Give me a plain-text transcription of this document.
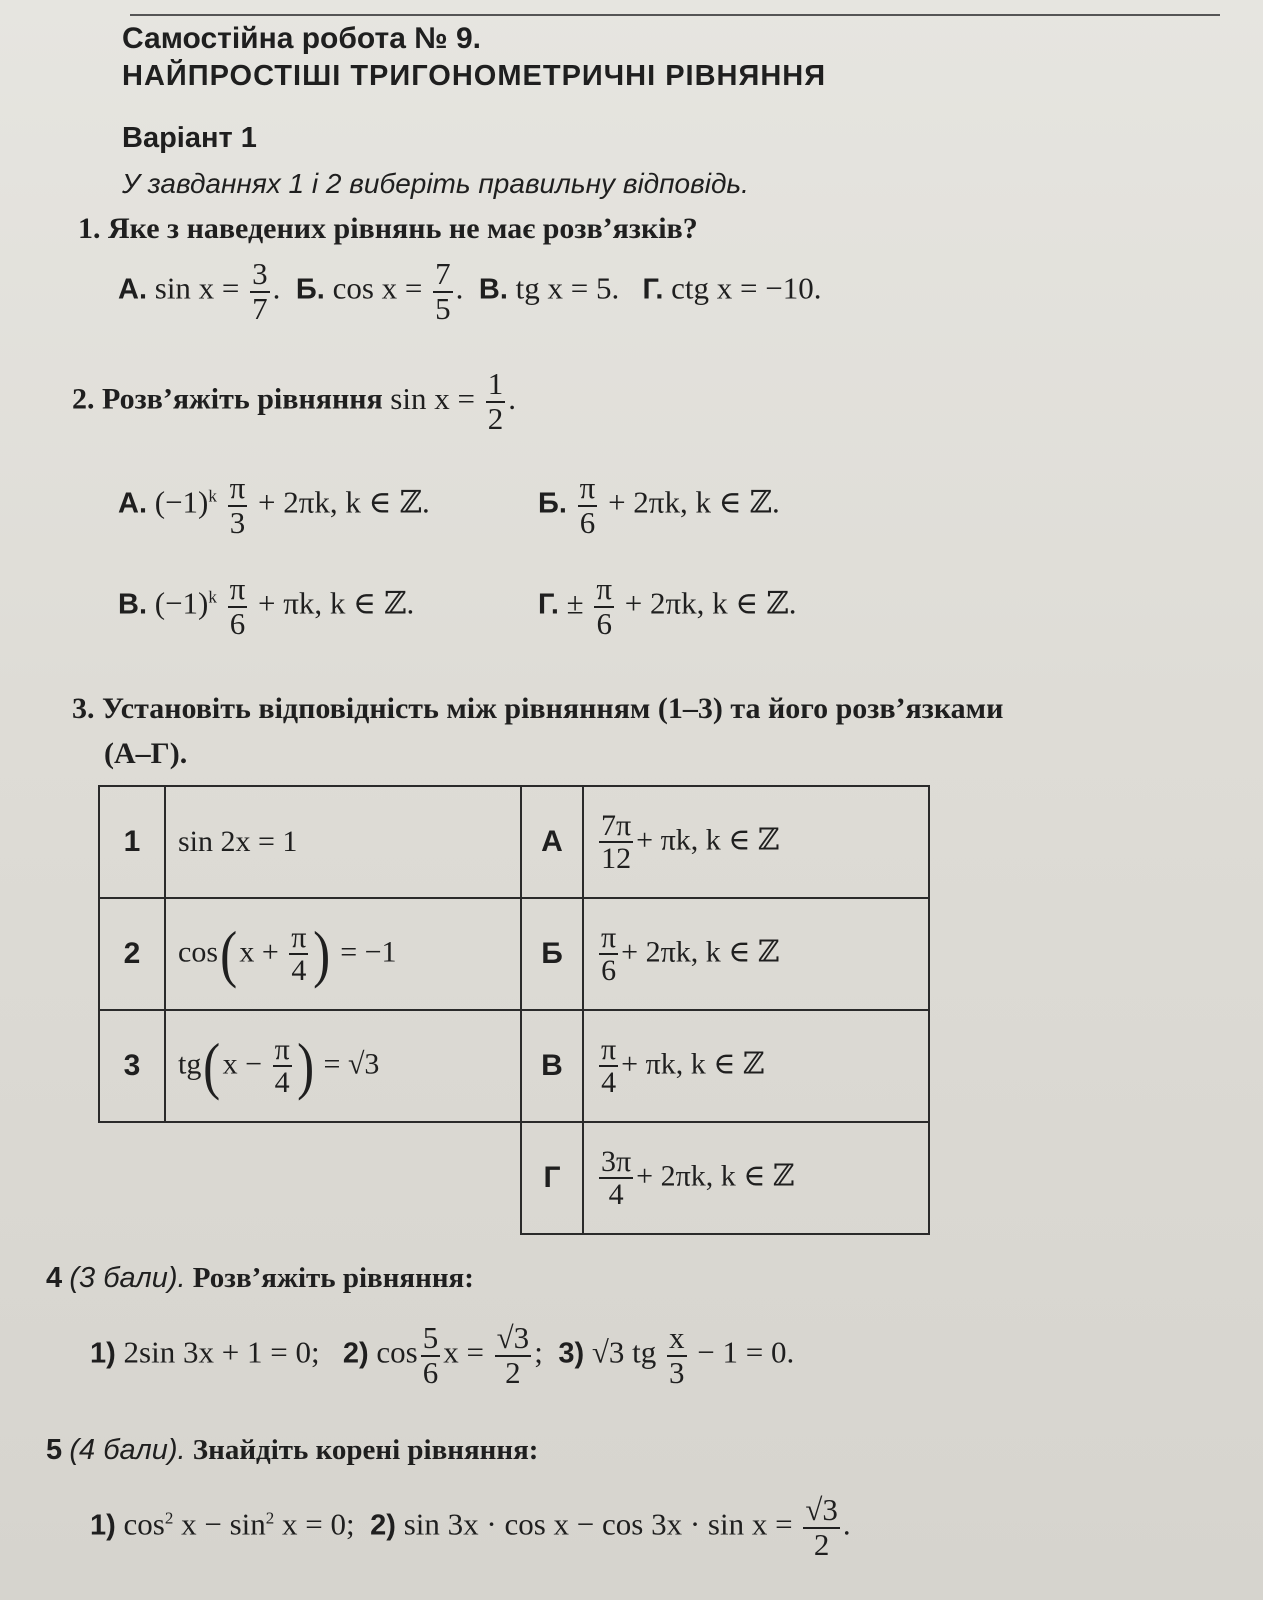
Самостійна робота № 9.
НАЙПРОСТІШІ ТРИГОНОМЕТРИЧНІ РІВНЯННЯ
Варіант 1
У завданнях 1 і 2 виберіть правильну відповідь.
1. Яке з наведених рівнянь не має розв’язків?
А. $\sin x = \frac{3}{7}$ . Б. $\cos x = \frac{7}{5}$ . В. tg x = 5. Г. ctg x = −10.
2. Розв’яжіть рівняння $\sin x = \frac{1}{2}$ .
А. $(-1)^k \frac{\pi}{3} + 2\pi k$, k ∈ ℤ.	Б. $\frac{\pi}{6} + 2\pi k$, k ∈ ℤ.
В. $(-1)^k \frac{\pi}{6} + \pi k$, k ∈ ℤ.	Г. ± $\frac{\pi}{6} + 2\pi k$, k ∈ ℤ.
3. Установіть відповідність між рівнянням (1–3) та його розв’язками
(А–Г).
1	sin 2x = 1	А	$\frac{7\pi}{12} + \pi k$, k ∈ ℤ
2	$\cos(x + \frac{\pi}{4}$ ) = −1	Б	$\frac{\pi}{6} + 2\pi k$, k ∈ ℤ
3	$tg(x - \frac{\pi}{4}$ ) = √3	В	$\frac{\pi}{4} + \pi k$, k ∈ ℤ
		Г	$\frac{3\pi}{4} + 2\pi k$, k ∈ ℤ
4 (3 бали). Розв’яжіть рівняння:
1) 2sin 3x + 1 = 0; 2) $\cos \frac{5}{6}$ $x = \frac{√3}{2}$ ; 3) √3 tg $\frac{x}{3} - 1 = 0$.
5 (4 бали). Знайдіть корені рівняння:
1) $\cos^2 x - \sin^2 x = 0$; 2) $\sin 3x \cdot \cos x - \cos 3x \cdot \sin x = \frac{√3}{2}$ .
